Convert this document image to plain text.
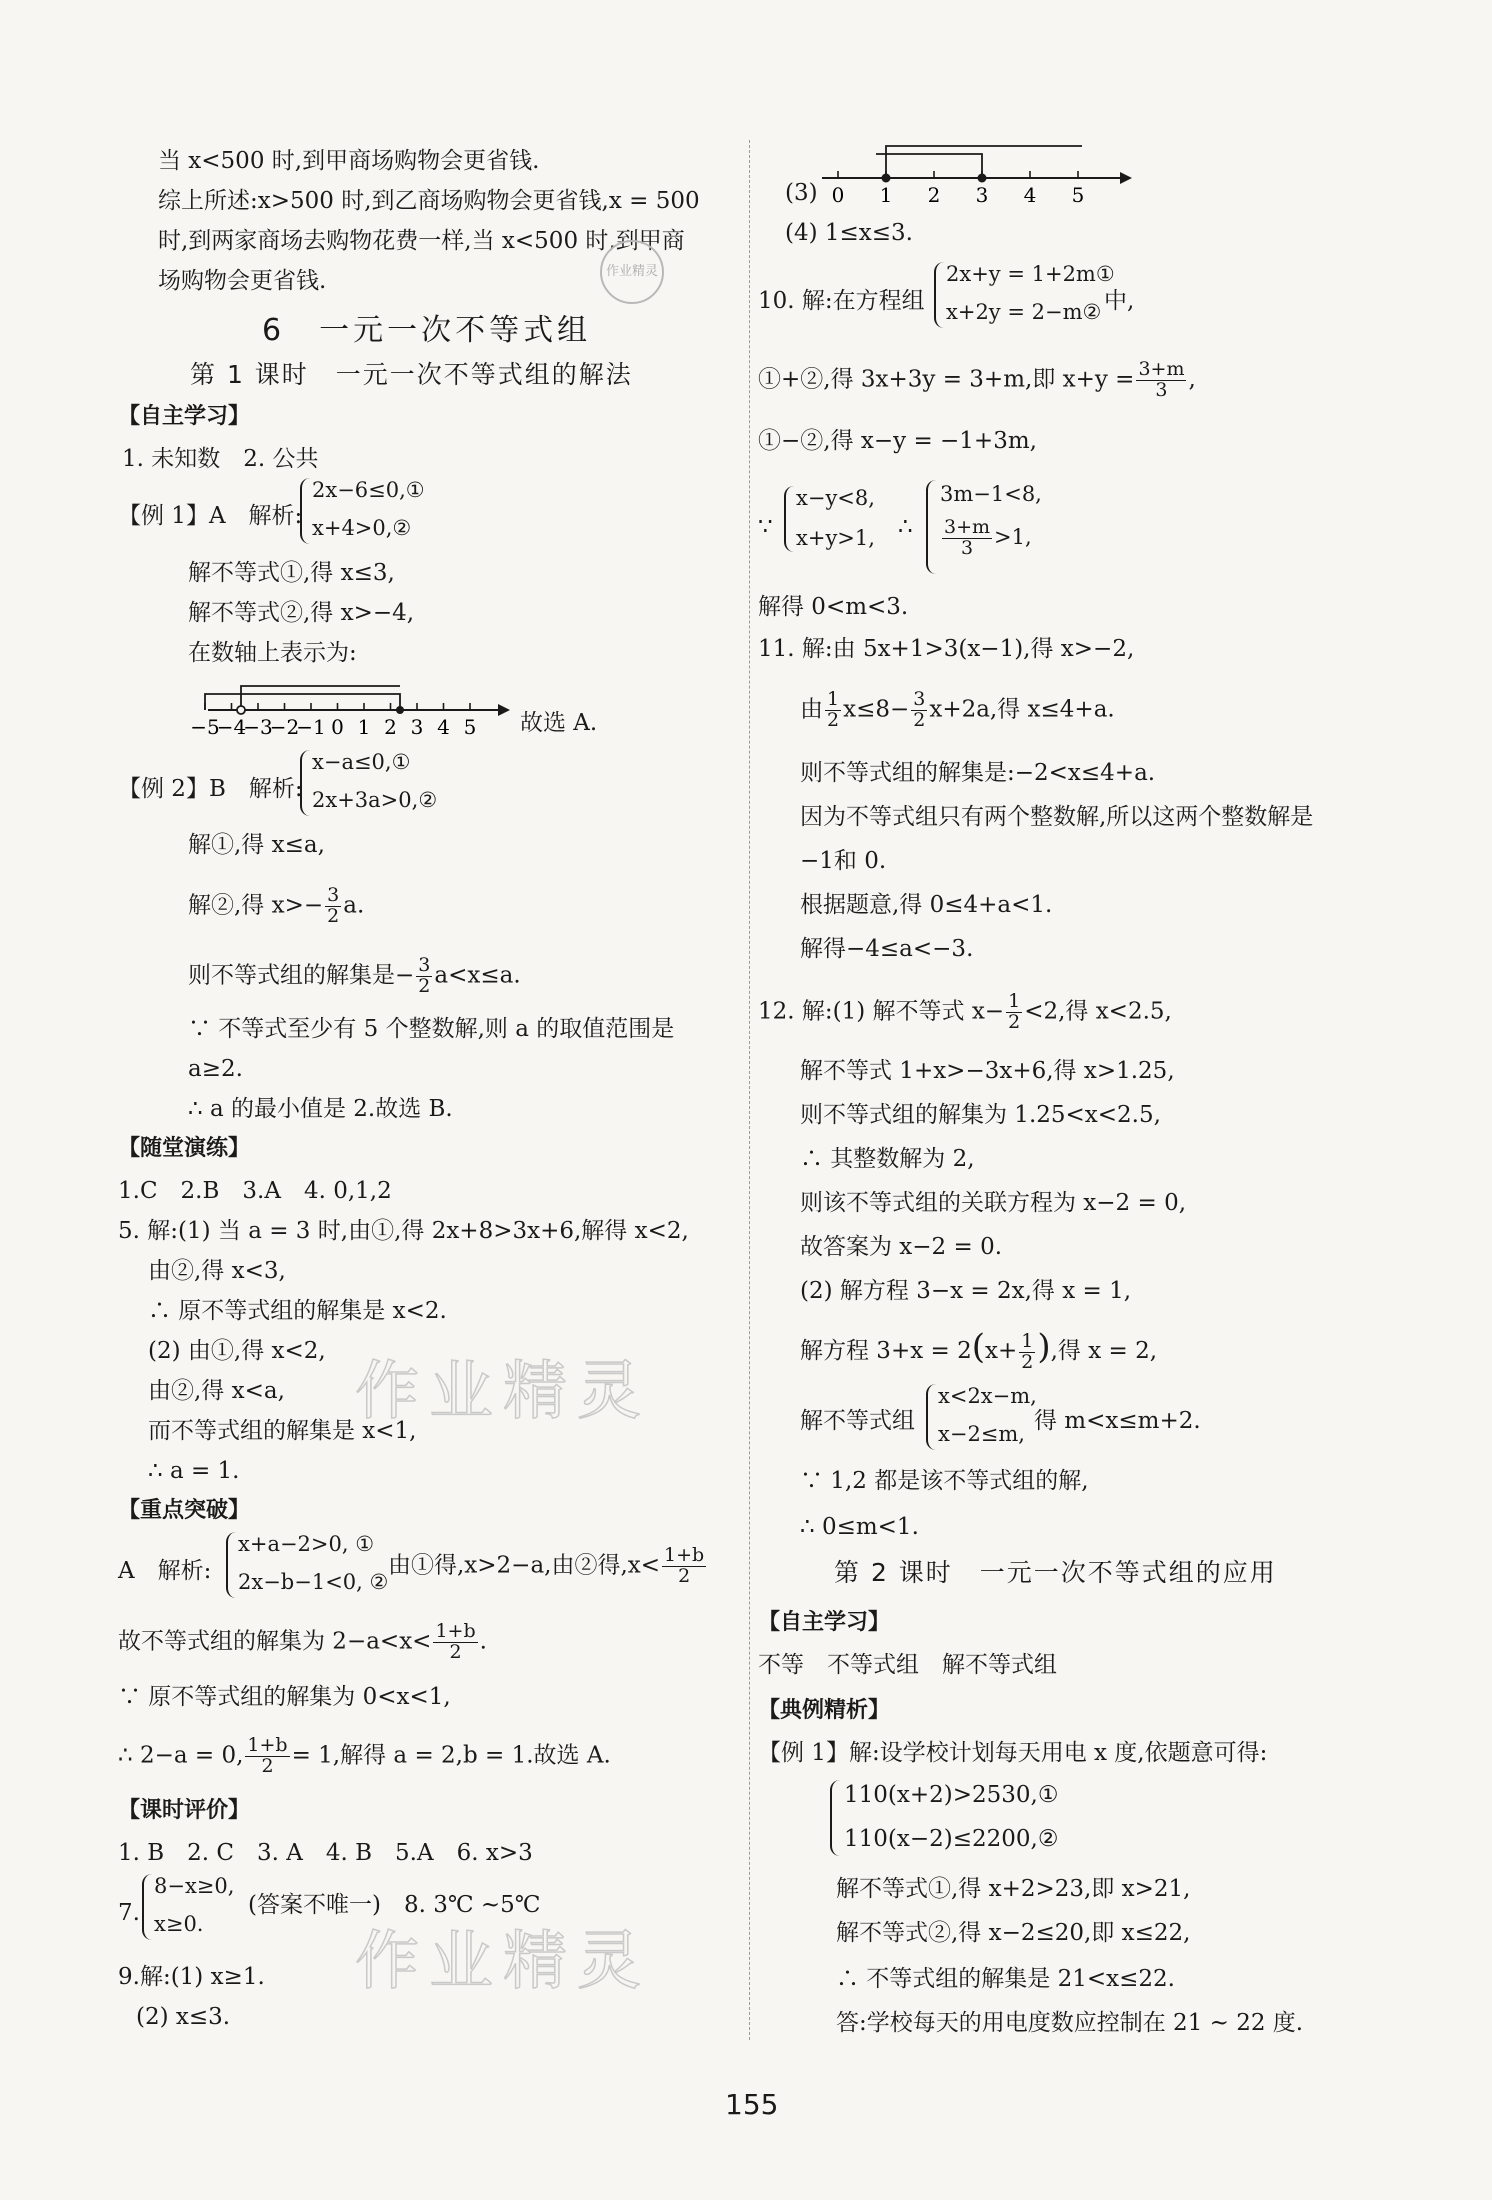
当 x<500 时,到甲商场购物会更省钱.
综上所述:x>500 时,到乙商场购物会更省钱,x = 500
时,到两家商场去购物花费一样,当 x<500 时,到甲商
场购物会更省钱.
6　一元一次不等式组
作业精灵
第 1 课时　一元一次不等式组的解法
【自主学习】
1. 未知数　2. 公共
【例 1】A　解析:
2x−6≤0,①
x+4>0,②
解不等式①,得 x≤3,
解不等式②,得 x>−4,
在数轴上表示为:
−5
−4
−3
−2
−1 0 1 2 3 4 5 故选 A.
【例 2】B　解析:
x−a≤0,①
2x+3a>0,②
解①,得 x≤a,
解②,得 $x>- \frac{3}{2} a$.
则不等式组的解集是− $\frac{3}{2} a<x\le a$.
∵ 不等式至少有 5 个整数解,则 a 的取值范围是
a≥2.
∴ a 的最小值是 2.故选 B.
【随堂演练】
1.C　2.B　3.A　4. 0,1,2
5. 解:(1) 当 a = 3 时,由①,得 2x+8>3x+6,解得 x<2,
由②,得 x<3,
∴ 原不等式组的解集是 x<2.
(2) 由①,得 x<2,
由②,得 x<a,
而不等式组的解集是 x<1,
∴ a = 1.
【重点突破】
A　解析:
x+a−2>0, ①
2x−b−1<0, ②
由①得,x>2−a,由②得$,x< \frac{1+b}{2}$
故不等式组的解集为 $2-a<x< \frac{1+b}{2}$ .
∵ 原不等式组的解集为 0<x<1,
∴ 2−a = 0, $\frac{1+b}{2} = 1$,解得 a = 2,b = 1.故选 A.
【课时评价】
1. B　2. C　3. A　4. B　5.A　6. x>3
7.
8−x≥0,
x≥0.
(答案不唯一)　8. 3℃ ~5℃
9.解:(1) x≥1.
(2) x≤3.
作业精灵
作业精灵
(3) 0 1 2 3 4 5
(4) 1≤x≤3.
10. 解:在方程组
2x+y = 1+2m①
x+2y = 2−m② 中,
①+②,得 3x+3y = 3+m,即 $x+y = \frac{3+m}{3}$ ,
①−②,得 x−y = −1+3m,
∵
x−y<8,
x+y>1, ∴
3m−1<8,
$\frac{3+m}{3} >1$,
解得 0<m<3.
11. 解:由 5x+1>3(x−1),得 x>−2,
由 $\frac{1}{2} x\le 8- \frac{3}{2} x+2a$,得 x≤4+a.
则不等式组的解集是:−2<x≤4+a.
因为不等式组只有两个整数解,所以这两个整数解是
−1和 0.
根据题意,得 0≤4+a<1.
解得−4≤a<−3.
12. 解:(1) 解不等式 $x- \frac{1}{2} <2$,得 x<2.5,
解不等式 1+x>−3x+6,得 x>1.25,
则不等式组的解集为 1.25<x<2.5,
∴ 其整数解为 2,
则该不等式组的关联方程为 x−2 = 0,
故答案为 x−2 = 0.
(2) 解方程 3−x = 2x,得 x = 1,
解方程 $3+x = 2(x+ \frac{1}{2}$ ),得 x = 2,
解不等式组
x<2x−m,
x−2≤m, 得 m<x≤m+2.
∵ 1,2 都是该不等式组的解,
∴ 0≤m<1.
第 2 课时　一元一次不等式组的应用
【自主学习】
不等　不等式组　解不等式组
【典例精析】
【例 1】解:设学校计划每天用电 x 度,依题意可得:
110(x+2)>2530,①
110(x−2)≤2200,②
解不等式①,得 x+2>23,即 x>21,
解不等式②,得 x−2≤20,即 x≤22,
∴ 不等式组的解集是 21<x≤22.
答:学校每天的用电度数应控制在 21 ~ 22 度.
155
